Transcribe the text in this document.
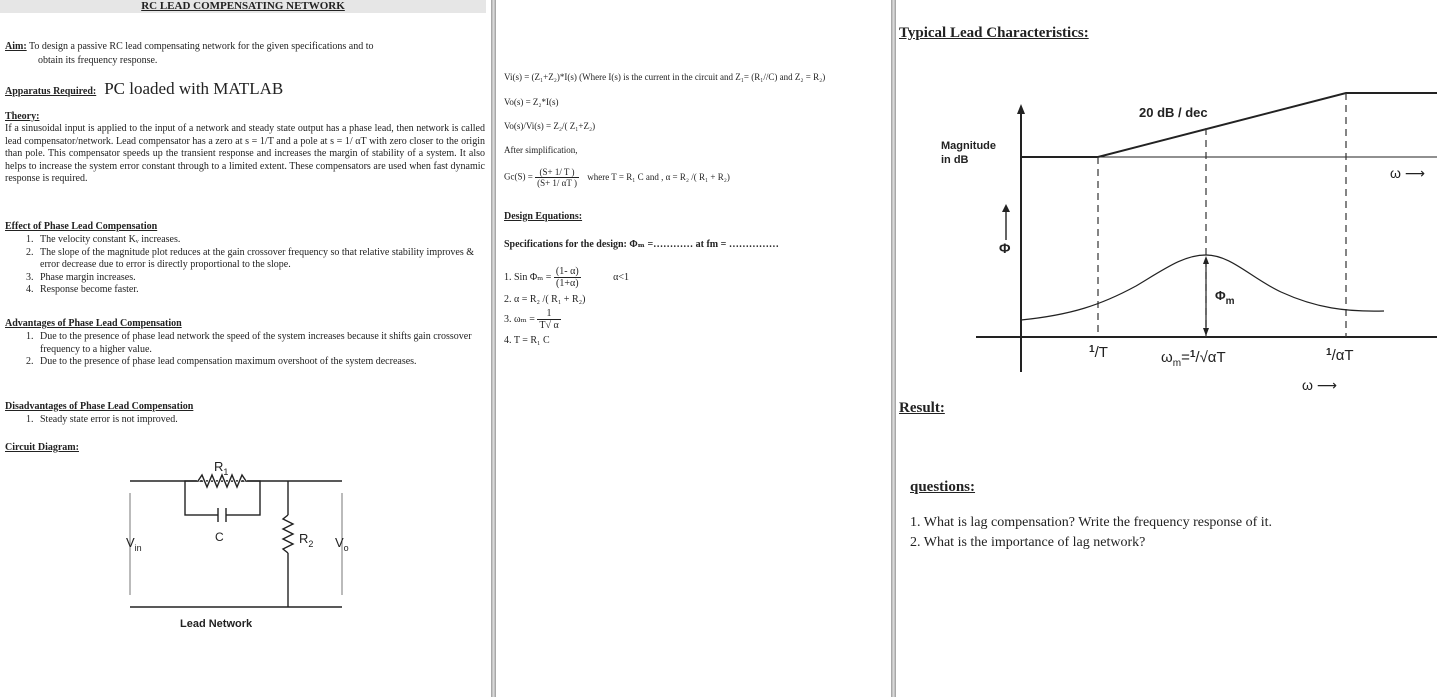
RC LEAD COMPENSATING NETWORK
Aim: To design a passive RC lead compensating network for the given specifications and to
obtain its frequency response.
Apparatus Required: PC loaded with MATLAB
Theory:
If a sinusoidal input is applied to the input of a network and steady state output has a phase lead, then network is called lead compensator/network. Lead compensator has a zero at s = 1/T and a pole at s = 1/ αT with zero closer to the origin than pole. This compensator speeds up the transient response and increases the margin of stability of a system. It also helps to increase the system error constant through to a limited extent. These compensators are used when fast dynamic response is required.
Effect of Phase Lead Compensation
1. The velocity constant Kᵥ increases.
2. The slope of the magnitude plot reduces at the gain crossover frequency so that relative stability improves & error decrease due to error is directly proportional to the slope.
3. Phase margin increases.
4. Response become faster.
Advantages of Phase Lead Compensation
1. Due to the presence of phase lead network the speed of the system increases because it shifts gain crossover frequency to a higher value.
2. Due to the presence of phase lead compensation maximum overshoot of the system decreases.
Disadvantages of Phase Lead Compensation
1. Steady state error is not improved.
Circuit Diagram:
$R_1$
C	$R_2$
$V_{in}$	$V_o$
Lead Network
Vi(s) = (Z₁+Z₂)*I(s) (Where I(s) is the current in the circuit and Z₁= (R₁//C) and Z₂ = R₂)
Vo(s) = Z₂*I(s)
Vo(s)/Vi(s) = Z₂/( Z₁+Z₂)
After simplification,
$Gc(S) = \frac{(S+ 1/ T )}{(S+ 1/ \alpha T )}$ where T = R₁ C and , α = R₂ /( R₁ + R₂)
Design Equations:
Specifications for the design: Φₘ =………… at fm = ……………
1. Sin $\Phi_m = \frac{(1- \alpha)}{(1+\alpha)}$	α<1
2. α = R₂ /( R₁ + R₂)
3. $\omega_m = \frac{1}{T√ \alpha}$
4. T = R₁ C
Typical Lead Characteristics:
20 dB / dec
Magnitude
in dB
ω ⟶
Φ
$\Phi_m$
$^1$/T	$\omega_m=^1/√\alpha T$	$^1$/αT
ω ⟶
Result:
questions:
1. What is lag compensation? Write the frequency response of it.
2. What is the importance of lag network?
